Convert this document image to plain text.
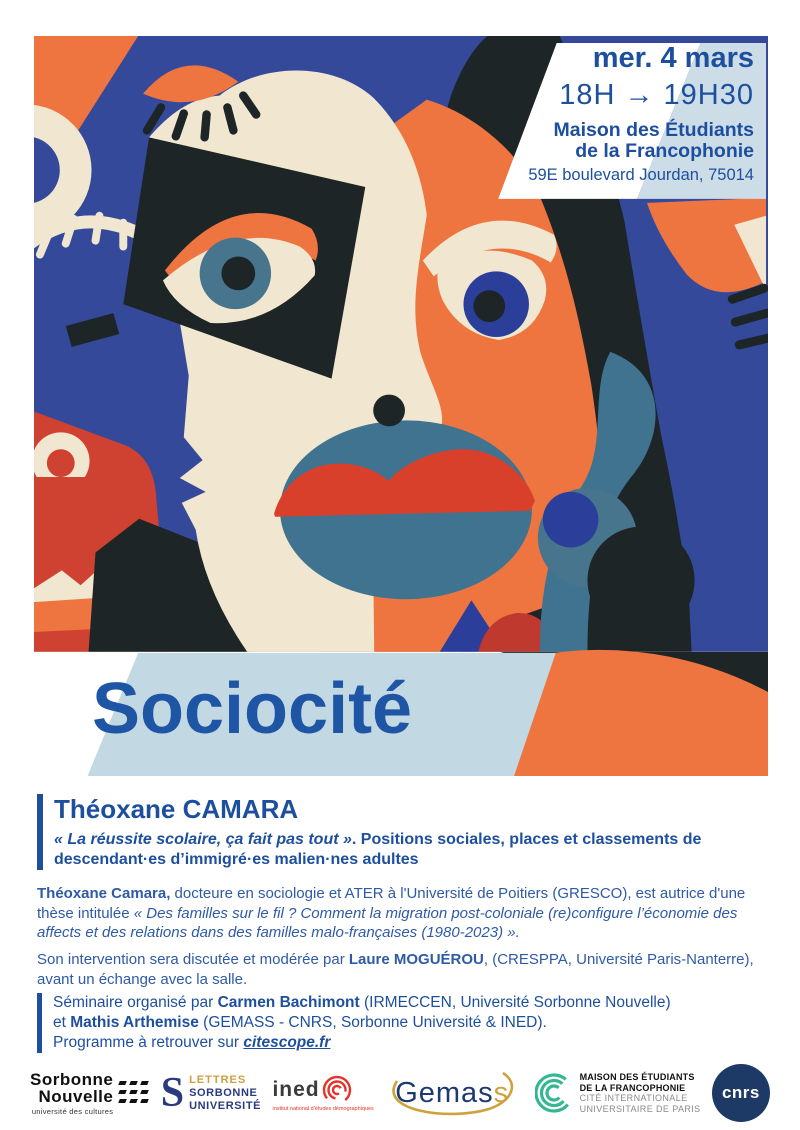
mer. 4 mars
18H → 19H30
Maison des Étudiants
de la Francophonie
59E boulevard Jourdan, 75014
Sociocité
Théoxane CAMARA
« La réussite scolaire, ça fait pas tout ». Positions sociales, places et classements de descendant·es d’immigré·es malien·nes adultes
Théoxane Camara, docteure en sociologie et ATER à l'Université de Poitiers (GRESCO), est autrice d'une thèse intitulée « Des familles sur le fil ? Comment la migration post-coloniale (re)configure l’économie des affects et des relations dans des familles malo-françaises (1980-2023) ».
Son intervention sera discutée et modérée par Laure MOGUÉROU, (CRESPPA, Université Paris-Nanterre), avant un échange avec la salle.
Séminaire organisé par Carmen Bachimont (IRMECCEN, Université Sorbonne Nouvelle)
et Mathis Arthemise (GEMASS - CNRS, Sorbonne Université & INED).
Programme à retrouver sur citescope.fr
Sorbonne
Nouvelle
université des cultures S LETTRES
SORBONNE
UNIVERSITÉ
ined
institut national d'études démographiques Gemass	MAISON DES ÉTUDIANTS
DE LA FRANCOPHONIE
CITÉ INTERNATIONALE
UNIVERSITAIRE DE PARIS
cnrs
